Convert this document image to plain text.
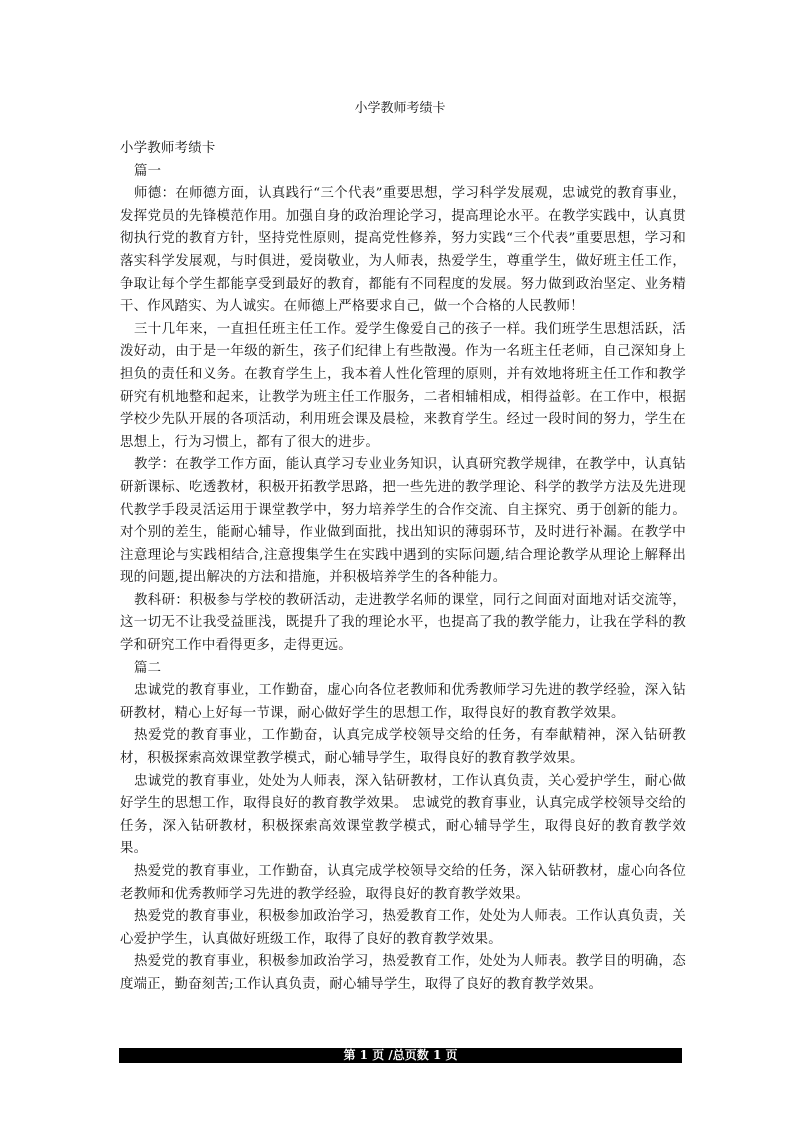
小学教师考绩卡

小学教师考绩卡

篇一

师德：在师德方面，认真践行“三个代表”重要思想，学习科学发展观，忠诚党的教育事业，发挥党员的先锋模范作用。加强自身的政治理论学习，提高理论水平。在教学实践中，认真贯彻执行党的教育方针，坚持党性原则，提高党性修养，努力实践“三个代表”重要思想，学习和落实科学发展观，与时俱进，爱岗敬业，为人师表，热爱学生，尊重学生，做好班主任工作，争取让每个学生都能享受到最好的教育，都能有不同程度的发展。努力做到政治坚定、业务精干、作风踏实、为人诚实。在师德上严格要求自己，做一个合格的人民教师！

三十几年来，一直担任班主任工作。爱学生像爱自己的孩子一样。我们班学生思想活跃，活泼好动，由于是一年级的新生，孩子们纪律上有些散漫。作为一名班主任老师，自己深知身上担负的责任和义务。在教育学生上，我本着人性化管理的原则，并有效地将班主任工作和教学研究有机地整和起来，让教学为班主任工作服务，二者相辅相成，相得益彰。在工作中，根据学校少先队开展的各项活动，利用班会课及晨检，来教育学生。经过一段时间的努力，学生在思想上，行为习惯上，都有了很大的进步。

教学：在教学工作方面，能认真学习专业业务知识，认真研究教学规律，在教学中，认真钻研新课标、吃透教材，积极开拓教学思路，把一些先进的教学理论、科学的教学方法及先进现代教学手段灵活运用于课堂教学中，努力培养学生的合作交流、自主探究、勇于创新的能力。对个别的差生，能耐心辅导，作业做到面批，找出知识的薄弱环节，及时进行补漏。在教学中注意理论与实践相结合,注意搜集学生在实践中遇到的实际问题,结合理论教学从理论上解释出现的问题,提出解决的方法和措施，并积极培养学生的各种能力。

教科研：积极参与学校的教研活动，走进教学名师的课堂，同行之间面对面地对话交流等，这一切无不让我受益匪浅，既提升了我的理论水平，也提高了我的教学能力，让我在学科的教学和研究工作中看得更多，走得更远。

篇二

忠诚党的教育事业，工作勤奋，虚心向各位老教师和优秀教师学习先进的教学经验，深入钻研教材，精心上好每一节课，耐心做好学生的思想工作，取得良好的教育教学效果。

热爱党的教育事业，工作勤奋，认真完成学校领导交给的任务，有奉献精神，深入钻研教材，积极探索高效课堂教学模式，耐心辅导学生，取得良好的教育教学效果。

忠诚党的教育事业，处处为人师表，深入钻研教材，工作认真负责，关心爱护学生，耐心做好学生的思想工作，取得良好的教育教学效果。 忠诚党的教育事业，认真完成学校领导交给的任务，深入钻研教材，积极探索高效课堂教学模式，耐心辅导学生，取得良好的教育教学效果。

热爱党的教育事业，工作勤奋，认真完成学校领导交给的任务，深入钻研教材，虚心向各位老教师和优秀教师学习先进的教学经验，取得良好的教育教学效果。

热爱党的教育事业，积极参加政治学习，热爱教育工作，处处为人师表。工作认真负责，关心爱护学生，认真做好班级工作，取得了良好的教育教学效果。

热爱党的教育事业，积极参加政治学习，热爱教育工作，处处为人师表。教学目的明确，态度端正，勤奋刻苦;工作认真负责，耐心辅导学生，取得了良好的教育教学效果。

第 1 页 /总页数 1 页
